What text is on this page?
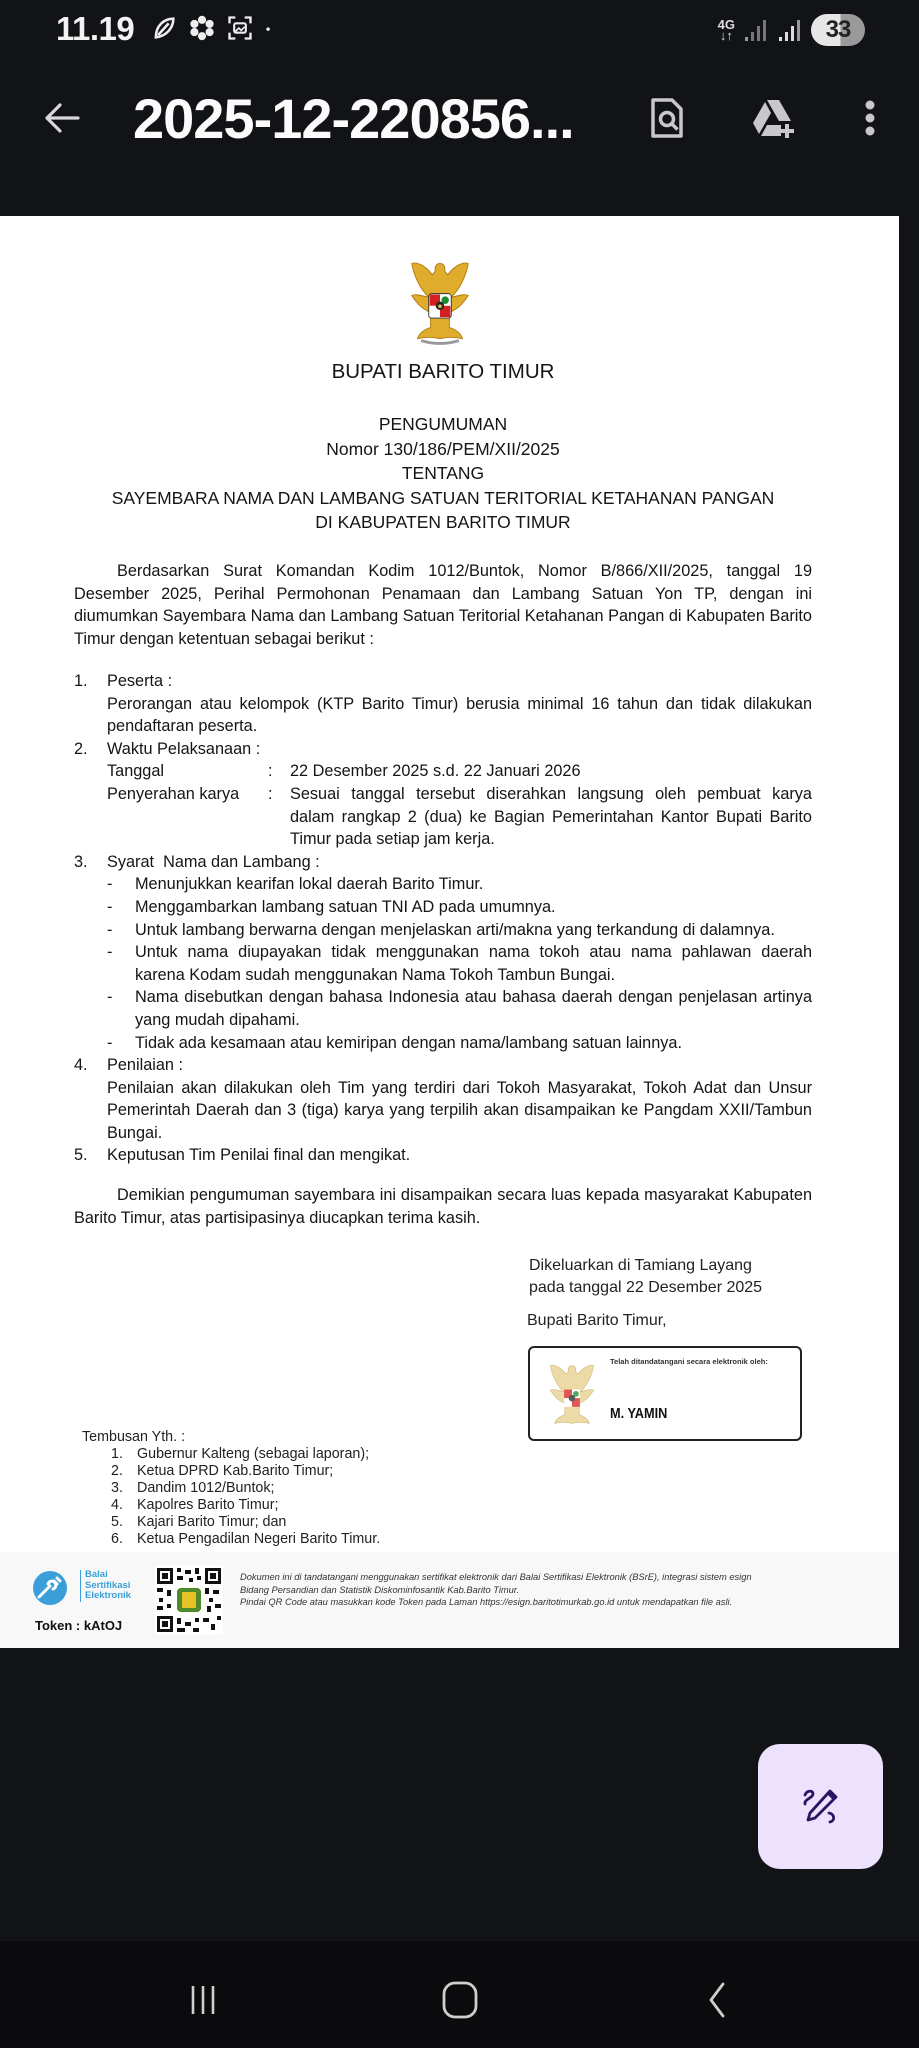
11.19	4G
↓↑	33
2025-12-220856...
BUPATI BARITO TIMUR
PENGUMUMAN
Nomor 130/186/PEM/XII/2025
TENTANG
SAYEMBARA NAMA DAN LAMBANG SATUAN TERITORIAL KETAHANAN PANGAN
DI KABUPATEN BARITO TIMUR
Berdasarkan Surat Komandan Kodim 1012/Buntok, Nomor B/866/XII/2025, tanggal 19 Desember 2025, Perihal Permohonan Penamaan dan Lambang Satuan Yon TP, dengan ini diumumkan Sayembara Nama dan Lambang Satuan Teritorial Ketahanan Pangan di Kabupaten Barito Timur dengan ketentuan sebagai berikut :
1. Peserta :
Perorangan atau kelompok (KTP Barito Timur) berusia minimal 16 tahun dan tidak dilakukan pendaftaran peserta.
2. Waktu Pelaksanaan :
Tanggal	:	22 Desember 2025 s.d. 22 Januari 2026
Penyerahan karya	:	Sesuai tanggal tersebut diserahkan langsung oleh pembuat karya dalam rangkap 2 (dua) ke Bagian Pemerintahan Kantor Bupati Barito Timur pada setiap jam kerja.
3. Syarat  Nama dan Lambang :
- Menunjukkan kearifan lokal daerah Barito Timur.
- Menggambarkan lambang satuan TNI AD pada umumnya.
- Untuk lambang berwarna dengan menjelaskan arti/makna yang terkandung di dalamnya.
- Untuk nama diupayakan tidak menggunakan nama tokoh atau nama pahlawan daerah karena Kodam sudah menggunakan Nama Tokoh Tambun Bungai.
- Nama disebutkan dengan bahasa Indonesia atau bahasa daerah dengan penjelasan artinya yang mudah dipahami.
- Tidak ada kesamaan atau kemiripan dengan nama/lambang satuan lainnya.
4. Penilaian :
Penilaian akan dilakukan oleh Tim yang terdiri dari Tokoh Masyarakat, Tokoh Adat dan Unsur Pemerintah Daerah dan 3 (tiga) karya yang terpilih akan disampaikan ke Pangdam XXII/Tambun Bungai.
5. Keputusan Tim Penilai final dan mengikat.
Demikian pengumuman sayembara ini disampaikan secara luas kepada masyarakat Kabupaten Barito Timur, atas partisipasinya diucapkan terima kasih.
Dikeluarkan di Tamiang Layang
pada tanggal 22 Desember 2025
Bupati Barito Timur,
Telah ditandatangani secara elektronik oleh:
M. YAMIN
Tembusan Yth. :
1. Gubernur Kalteng (sebagai laporan);
2. Ketua DPRD Kab.Barito Timur;
3. Dandim 1012/Buntok;
4. Kapolres Barito Timur;
5. Kajari Barito Timur; dan
6. Ketua Pengadilan Negeri Barito Timur.
Balai
Sertifikasi
Elektronik
Token : kAtOJ
Dokumen ini di tandatangani menggunakan sertifikat elektronik dari Balai Sertifikasi Elektronik (BSrE), integrasi sistem esign
Bidang Persandian dan Statistik Diskominfosantik Kab.Barito Timur.
Pindai QR Code atau masukkan kode Token pada Laman https://esign.baritotimurkab.go.id untuk mendapatkan file asli.
